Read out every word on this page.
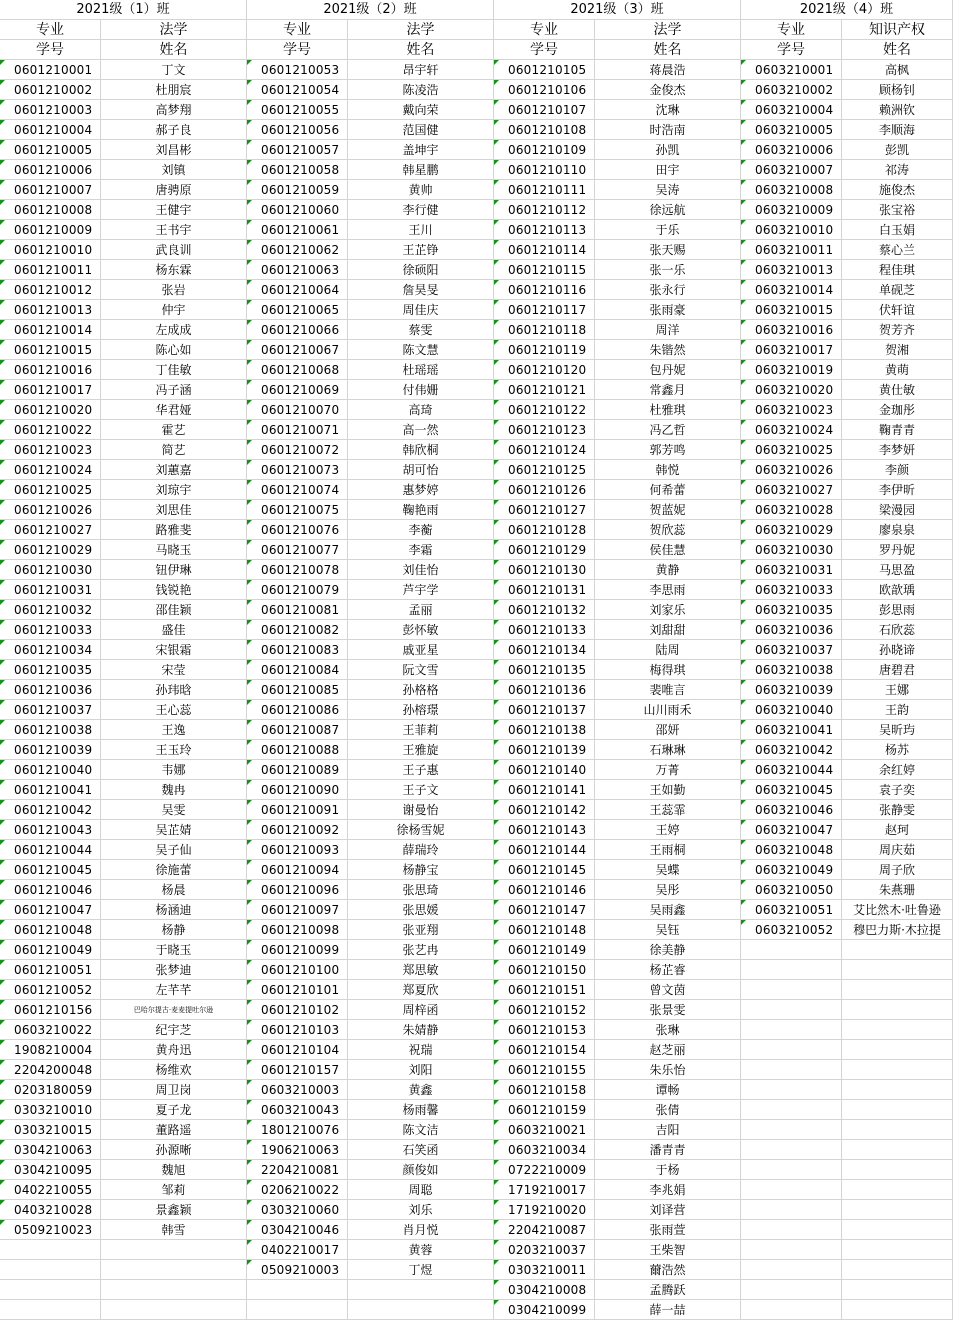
2021级（1）班
专业	法学
学号	姓名
0601210001	丁文
0601210002	杜朋宸
0601210003	高梦翔
0601210004	郝子良
0601210005	刘昌彬
0601210006	刘镇
0601210007	唐骋原
0601210008	王健宇
0601210009	王书宇
0601210010	武良训
0601210011	杨东霖
0601210012	张岩
0601210013	仲宇
0601210014	左成成
0601210015	陈心如
0601210016	丁佳敏
0601210017	冯子涵
0601210020	华君娅
0601210022	霍艺
0601210023	简艺
0601210024	刘蕙嘉
0601210025	刘琼宇
0601210026	刘思佳
0601210027	路雅斐
0601210029	马晓玉
0601210030	钮伊琳
0601210031	钱锐艳
0601210032	邵佳颖
0601210033	盛佳
0601210034	宋银霜
0601210035	宋莹
0601210036	孙玮晗
0601210037	王心蕊
0601210038	王逸
0601210039	王玉玲
0601210040	韦娜
0601210041	魏冉
0601210042	吴雯
0601210043	吴芷婧
0601210044	吴子仙
0601210045	徐施蕾
0601210046	杨晨
0601210047	杨涵迪
0601210048	杨静
0601210049	于晓玉
0601210051	张梦迪
0601210052	左芊芊
0601210156	巴哈尔提古·麦麦提吐尔逊
0603210022	纪宇芝
1908210004	黄舟迅
2204200048	杨维欢
0203180059	周卫岗
0303210010	夏子龙
0303210015	董路遥
0304210063	孙源晰
0304210095	魏旭
0402210055	邹莉
0403210028	景鑫颖
0509210023	韩雪
2021级（2）班
专业	法学
学号	姓名
0601210053	昂宇轩
0601210054	陈凌浩
0601210055	戴向荣
0601210056	范国健
0601210057	盖坤宇
0601210058	韩星鹏
0601210059	黄帅
0601210060	李行健
0601210061	王川
0601210062	王芷铮
0601210063	徐硕阳
0601210064	詹昊旻
0601210065	周佳庆
0601210066	蔡雯
0601210067	陈文慧
0601210068	杜瑶瑶
0601210069	付伟姗
0601210070	高琦
0601210071	高一然
0601210072	韩欣桐
0601210073	胡可怡
0601210074	惠梦婷
0601210075	鞠艳雨
0601210076	李蘅
0601210077	李霜
0601210078	刘佳怡
0601210079	芦宇学
0601210081	孟丽
0601210082	彭怀敏
0601210083	戚亚星
0601210084	阮文雪
0601210085	孙格格
0601210086	孙榕璟
0601210087	王菲莉
0601210088	王雅旋
0601210089	王子惠
0601210090	王子文
0601210091	谢曼怡
0601210092	徐杨雪妮
0601210093	薛瑞玲
0601210094	杨静宝
0601210096	张思琦
0601210097	张思媛
0601210098	张亚翔
0601210099	张艺冉
0601210100	郑思敏
0601210101	郑夏欣
0601210102	周梓函
0601210103	朱婧静
0601210104	祝瑞
0601210157	刘阳
0603210003	黄鑫
0603210043	杨雨馨
1801210076	陈文洁
1906210063	石笑函
2204210081	颜俊如
0206210022	周聪
0303210060	刘乐
0304210046	肖月悦
0402210017	黄蓉
0509210003	丁煜
2021级（3）班
专业	法学
学号	姓名
0601210105	蒋晨浩
0601210106	金俊杰
0601210107	沈琳
0601210108	时浩南
0601210109	孙凯
0601210110	田宇
0601210111	吴涛
0601210112	徐远航
0601210113	于乐
0601210114	张天赐
0601210115	张一乐
0601210116	张永行
0601210117	张雨豪
0601210118	周洋
0601210119	朱锴然
0601210120	包丹妮
0601210121	常鑫月
0601210122	杜雅琪
0601210123	冯乙哲
0601210124	郭芳鸣
0601210125	韩悦
0601210126	何希蕾
0601210127	贺蓝妮
0601210128	贺欣蕊
0601210129	侯佳慧
0601210130	黄静
0601210131	李思雨
0601210132	刘家乐
0601210133	刘甜甜
0601210134	陆周
0601210135	梅得琪
0601210136	裴唯言
0601210137	山川雨禾
0601210138	邵妍
0601210139	石琳琳
0601210140	万菁
0601210141	王如勤
0601210142	王蕊霏
0601210143	王婷
0601210144	王雨桐
0601210145	吴蝶
0601210146	吴彤
0601210147	吴雨鑫
0601210148	吴钰
0601210149	徐美静
0601210150	杨芷睿
0601210151	曾文茵
0601210152	张景雯
0601210153	张琳
0601210154	赵芝丽
0601210155	朱乐怡
0601210158	谭畅
0601210159	张倩
0603210021	吉阳
0603210034	潘青青
0722210009	于杨
1719210017	李兆娟
1719210020	刘译营
2204210087	张雨萱
0203210037	王柴智
0303210011	薾浩然
0304210008	孟腾跃
0304210099	薛一喆
2021级（4）班
专业	知识产权
学号	姓名
0603210001	高枫
0603210002	顾杨钊
0603210004	赖洲钦
0603210005	李顺海
0603210006	彭凯
0603210007	祁涛
0603210008	施俊杰
0603210009	张宝裕
0603210010	白玉娟
0603210011	蔡心兰
0603210013	程佳琪
0603210014	单砚芝
0603210015	伏轩谊
0603210016	贺芳齐
0603210017	贺湘
0603210019	黄萌
0603210020	黄仕敏
0603210023	金珈彤
0603210024	鞠青青
0603210025	李梦妍
0603210026	李颜
0603210027	李伊昕
0603210028	梁漫园
0603210029	廖泉泉
0603210030	罗丹妮
0603210031	马思盈
0603210033	欧歆瑀
0603210035	彭思雨
0603210036	石欣蕊
0603210037	孙晓谛
0603210038	唐碧君
0603210039	王娜
0603210040	王韵
0603210041	吴昕玙
0603210042	杨苏
0603210044	余红婷
0603210045	袁子奕
0603210046	张静雯
0603210047	赵珂
0603210048	周庆茹
0603210049	周子欣
0603210050	朱燕珊
0603210051	艾比然木·吐鲁逊
0603210052	穆巴力斯·木拉提
